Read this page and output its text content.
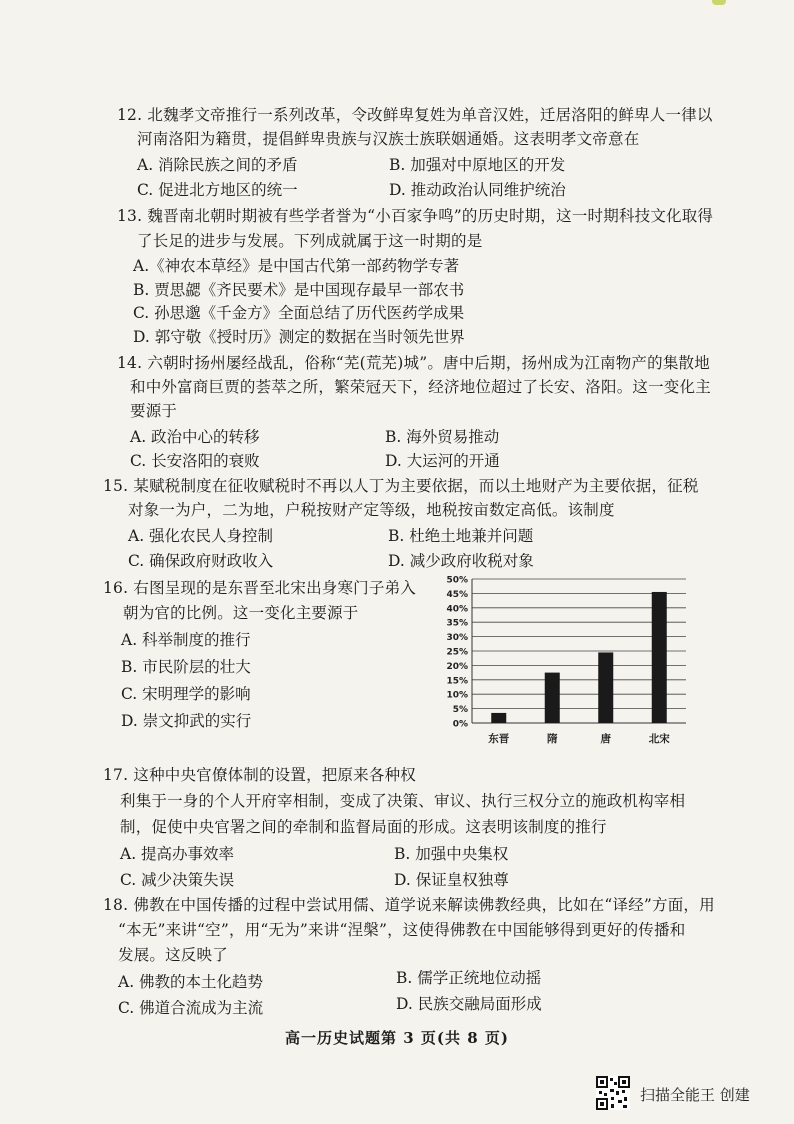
12. 北魏孝文帝推行一系列改革，令改鲜卑复姓为单音汉姓，迁居洛阳的鲜卑人一律以
河南洛阳为籍贯，提倡鲜卑贵族与汉族士族联姻通婚。这表明孝文帝意在
A. 消除民族之间的矛盾	B. 加强对中原地区的开发
C. 促进北方地区的统一	D. 推动政治认同维护统治
13. 魏晋南北朝时期被有些学者誉为“小百家争鸣”的历史时期，这一时期科技文化取得
了长足的进步与发展。下列成就属于这一时期的是
A.《神农本草经》是中国古代第一部药物学专著
B. 贾思勰《齐民要术》是中国现存最早一部农书
C. 孙思邈《千金方》全面总结了历代医药学成果
D. 郭守敬《授时历》测定的数据在当时领先世界
14. 六朝时扬州屡经战乱，俗称“芜(荒芜)城”。唐中后期，扬州成为江南物产的集散地
和中外富商巨贾的荟萃之所，繁荣冠天下，经济地位超过了长安、洛阳。这一变化主
要源于
A. 政治中心的转移	B. 海外贸易推动
C. 长安洛阳的衰败	D. 大运河的开通
15. 某赋税制度在征收赋税时不再以人丁为主要依据，而以土地财产为主要依据，征税
对象一为户，二为地，户税按财产定等级，地税按亩数定高低。该制度
A. 强化农民人身控制	B. 杜绝土地兼并问题
C. 确保政府财政收入	D. 减少政府收税对象
16. 右图呈现的是东晋至北宋出身寒门子弟入
朝为官的比例。这一变化主要源于
A. 科举制度的推行
B. 市民阶层的壮大
C. 宋明理学的影响
D. 崇文抑武的实行	0%
5%
10%
15%
20%
25%
30%
35%
40%
45%
50%
东晋	隋	唐	北宋
17. 这种中央官僚体制的设置，把原来各种权
利集于一身的个人开府宰相制，变成了决策、审议、执行三权分立的施政机构宰相
制，促使中央官署之间的牵制和监督局面的形成。这表明该制度的推行
A. 提高办事效率	B. 加强中央集权
C. 减少决策失误	D. 保证皇权独尊
18. 佛教在中国传播的过程中尝试用儒、道学说来解读佛教经典，比如在“译经”方面，用
“本无”来讲“空”，用“无为”来讲“涅槃”，这使得佛教在中国能够得到更好的传播和
发展。这反映了
A. 佛教的本土化趋势	B. 儒学正统地位动摇
C. 佛道合流成为主流	D. 民族交融局面形成
高一历史试题第 3 页(共 8 页)
扫描全能王 创建
